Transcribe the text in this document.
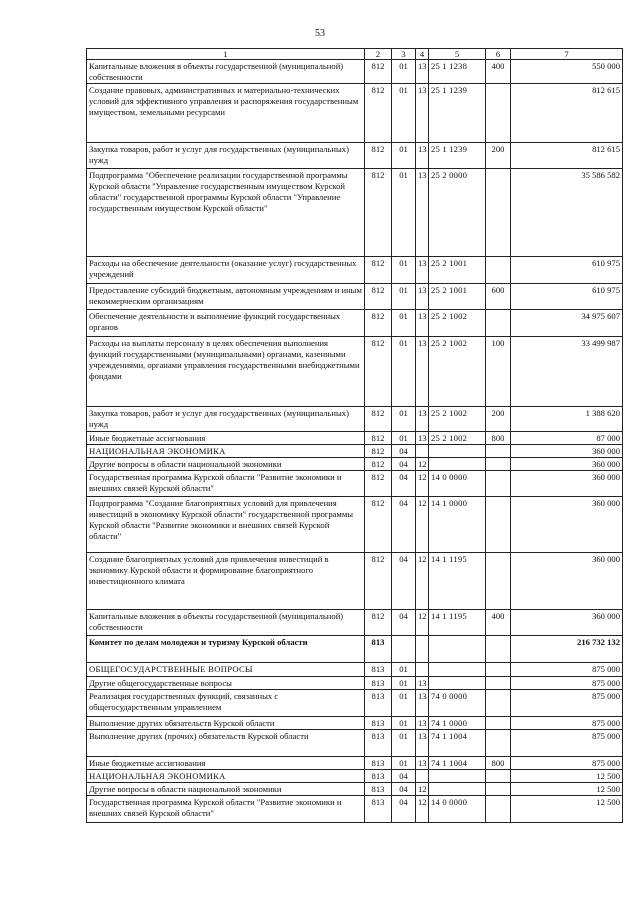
53
1	2	3	4	5	6	7
Капитальные вложения в объекты государственной (муниципальной) собственности	812	01	13	25 1 1238	400	550 000
Создание правовых, административных и материально-технических условий для эффективного управления и распоряжения государственным имуществом, земельными ресурсами	812	01	13	25 1 1239		812 615
Закупка товаров, работ и услуг для государственных (муниципальных) нужд	812	01	13	25 1 1239	200	812 615
Подпрограмма "Обеспечение реализации государственной программы Курской области "Управление государственным имуществом Курской области" государственной программы Курской области "Управление государственным имуществом Курской области"	812	01	13	25 2 0000		35 586 582
Расходы на обеспечение деятельности (оказание услуг) государственных учреждений	812	01	13	25 2 1001		610 975
Предоставление субсидий бюджетным, автономным учреждениям и иным некоммерческим организациям	812	01	13	25 2 1001	600	610 975
Обеспечение деятельности и выполнение функций государственных органов	812	01	13	25 2 1002		34 975 607
Расходы на выплаты персоналу в целях обеспечения выполнения функций государственными (муниципальными) органами, казенными учреждениями, органами управления государственными внебюджетными фондами	812	01	13	25 2 1002	100	33 499 987
Закупка товаров, работ и услуг для государственных (муниципальных) нужд	812	01	13	25 2 1002	200	1 388 620
Иные бюджетные ассигнования	812	01	13	25 2 1002	800	87 000
НАЦИОНАЛЬНАЯ ЭКОНОМИКА	812	04				360 000
Другие вопросы в области национальной экономики	812	04	12			360 000
Государственная программа Курской области "Развитие экономики и внешних связей Курской области"	812	04	12	14 0 0000		360 000
Подпрограмма "Создание благоприятных условий для привлечения инвестиций в экономику Курской области" государственной программы Курской области "Развитие экономики и внешних связей Курской области"	812	04	12	14 1 0000		360 000
Создание благоприятных условий для привлечения инвестиций в экономику Курской области и формирование благоприятного инвестиционного климата	812	04	12	14 1 1195		360 000
Капитальные вложения в объекты государственной (муниципальной) собственности	812	04	12	14 1 1195	400	360 000
Комитет по делам молодежи и туризму Курской области	813					216 732 132
ОБЩЕГОСУДАРСТВЕННЫЕ ВОПРОСЫ	813	01				875 000
Другие общегосударственные вопросы	813	01	13			875 000
Реализация государственных функций, связанных с общегосударственным управлением	813	01	13	74 0 0000		875 000
Выполнение других обязательств Курской области	813	01	13	74 1 0000		875 000
Выполнение других (прочих) обязательств Курской области	813	01	13	74 1 1004		875 000
Иные бюджетные ассигнования	813	01	13	74 1 1004	800	875 000
НАЦИОНАЛЬНАЯ ЭКОНОМИКА	813	04				12 500
Другие вопросы в области национальной экономики	813	04	12			12 500
Государственная программа Курской области "Развитие экономики и внешних связей Курской области"	813	04	12	14 0 0000		12 500
